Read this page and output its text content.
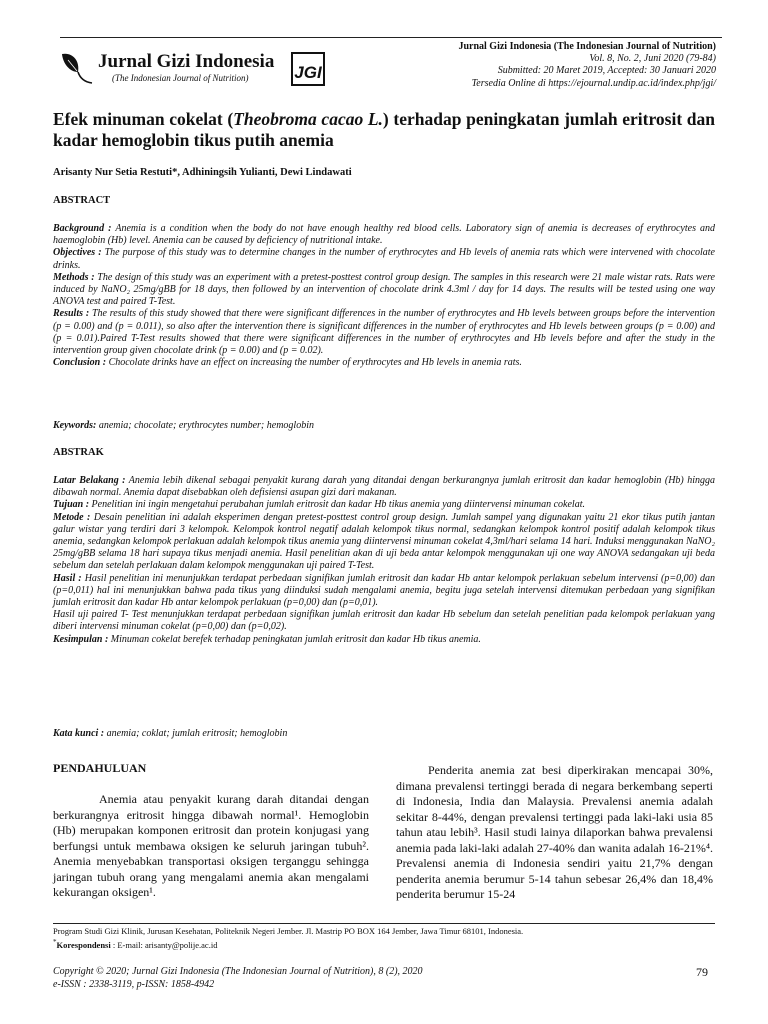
Jurnal Gizi Indonesia
(The Indonesian Journal of Nutrition)	JGI
Jurnal Gizi Indonesia (The Indonesian Journal of Nutrition)
Vol. 8, No. 2, Juni 2020 (79-84)
Submitted: 20 Maret 2019, Accepted: 30 Januari 2020
Tersedia Online di https://ejournal.undip.ac.id/index.php/jgi/
Efek minuman cokelat (Theobroma cacao L.) terhadap peningkatan jumlah eritrosit dan kadar hemoglobin tikus putih anemia
Arisanty Nur Setia Restuti*, Adhiningsih Yulianti, Dewi Lindawati
ABSTRACT
Background : Anemia is a condition when the body do not have enough healthy red blood cells. Laboratory sign of anemia is decreases of erythrocytes and haemoglobin (Hb) level. Anemia can be caused by deficiency of nutritional intake.
Objectives : The purpose of this study was to determine changes in the number of erythrocytes and Hb levels of anemia rats which were intervened with chocolate drinks.
Methods : The design of this study was an experiment with a pretest-posttest control group design. The samples in this research were 21 male wistar rats. Rats were induced by NaNO₂ 25mg/gBB for 18 days, then followed by an intervention of chocolate drink 4.3ml / day for 14 days. The results will be tested using one way ANOVA test and paired T-Test.
Results : The results of this study showed that there were significant differences in the number of erythrocytes and Hb levels between groups before the intervention (p = 0.00) and (p = 0.011), so also after the intervention there is significant differences in the number of erythrocytes and Hb levels between groups (p = 0.00) and (p = 0.01).Paired T-Test results showed that there were significant differences in the number of erythrocytes and Hb levels before and after the study in the intervention group given chocolate drink (p = 0.00) and (p = 0.02).
Conclusion : Chocolate drinks have an effect on increasing the number of erythrocytes and Hb levels in anemia rats.
Keywords: anemia; chocolate; erythrocytes number; hemoglobin
ABSTRAK
Latar Belakang : Anemia lebih dikenal sebagai penyakit kurang darah yang ditandai dengan berkurangnya jumlah eritrosit dan kadar hemoglobin (Hb) hingga dibawah normal. Anemia dapat disebabkan oleh defisiensi asupan gizi dari makanan.
Tujuan : Penelitian ini ingin mengetahui perubahan jumlah eritrosit dan kadar Hb tikus anemia yang diintervensi minuman cokelat.
Metode : Desain penelitian ini adalah eksperimen dengan pretest-posttest control group design. Jumlah sampel yang digunakan yaitu 21 ekor tikus putih jantan galur wistar yang terdiri dari 3 kelompok. Kelompok kontrol negatif adalah kelompok tikus normal, sedangkan kelompok kontrol positif adalah kelompok tikus anemia, sedangkan kelompok perlakuan adalah kelompok tikus anemia yang diintervensi minuman cokelat 4,3ml/hari selama 14 hari. Induksi menggunakan NaNO₂ 25mg/gBB selama 18 hari supaya tikus menjadi anemia. Hasil penelitian akan di uji beda antar kelompok menggunakan uji one way ANOVA sedangakan uji beda sebelum dan setelah perlakuan dalam kelompok menggunakan uji paired T-Test.
Hasil : Hasil penelitian ini menunjukkan terdapat perbedaan signifikan jumlah eritrosit dan kadar Hb antar kelompok perlakuan sebelum intervensi (p=0,00) dan (p=0,011) hal ini menunjukkan bahwa pada tikus yang diinduksi sudah mengalami anemia, begitu juga setelah intervensi ditemukan perbedaan yang signifikan jumlah eritrosit dan kadar Hb antar kelompok perlakuan (p=0,00) dan (p=0,01).
Hasil uji paired T- Test menunjukkan terdapat perbedaan signifikan jumlah eritrosit dan kadar Hb sebelum dan setelah penelitian pada kelompok perlakuan yang diberi intervensi minuman cokelat (p=0,00) dan (p=0,02).
Kesimpulan : Minuman cokelat berefek terhadap peningkatan jumlah eritrosit dan kadar Hb tikus anemia.
Kata kunci : anemia; coklat; jumlah eritrosit; hemoglobin
PENDAHULUAN
Anemia atau penyakit kurang darah ditandai dengan berkurangnya eritrosit hingga dibawah normal¹. Hemoglobin (Hb) merupakan komponen eritrosit dan protein konjugasi yang berfungsi untuk membawa oksigen ke seluruh jaringan tubuh². Anemia menyebabkan transportasi oksigen terganggu sehingga jaringan tubuh orang yang mengalami anemia akan mengalami kekurangan oksigen¹.
Penderita anemia zat besi diperkirakan mencapai 30%, dimana prevalensi tertinggi berada di negara berkembang seperti di Indonesia, India dan Malaysia. Prevalensi anemia adalah sekitar 8-44%, dengan prevalensi tertinggi pada laki-laki usia 85 tahun atau lebih³. Hasil studi lainya dilaporkan bahwa prevalensi anemia pada laki-laki adalah 27-40% dan wanita adalah 16-21%⁴. Prevalensi anemia di Indonesia sendiri yaitu 21,7% dengan penderita anemia berumur 5-14 tahun sebesar 26,4% dan 18,4% penderita berumur 15-24
Program Studi Gizi Klinik, Jurusan Kesehatan, Politeknik Negeri Jember. Jl. Mastrip PO BOX 164 Jember, Jawa Timur 68101, Indonesia.
*Korespondensi : E-mail: arisanty@polije.ac.id
Copyright © 2020; Jurnal Gizi Indonesia (The Indonesian Journal of Nutrition), 8 (2), 2020
e-ISSN : 2338-3119, p-ISSN: 1858-4942
79
